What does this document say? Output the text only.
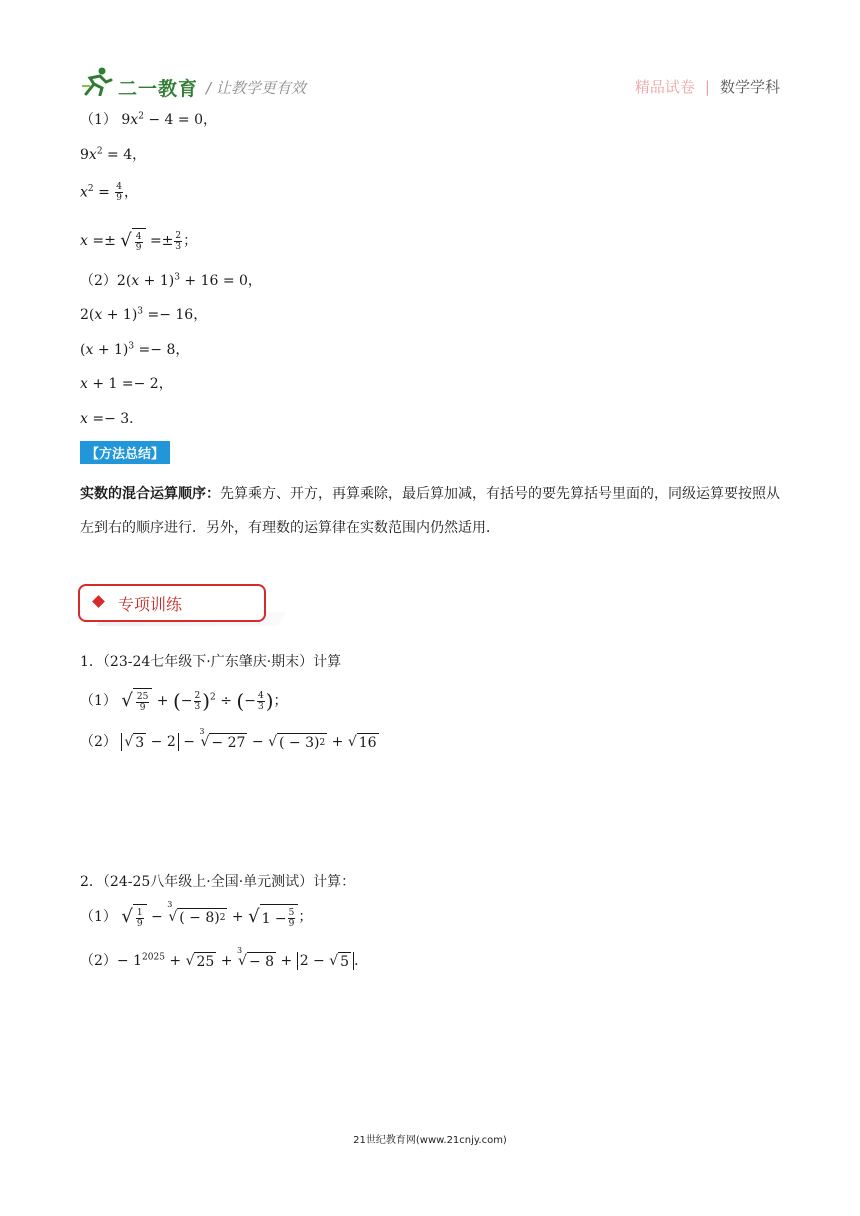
二一教育 / 让教学更有效	精品试卷 | 数学学科
（1） $9x^2 - 4 = 0$，
$9x^2 = 4$，
$x^2 = \frac{4}{9}$ ，
x =± √ $\frac{4}{9} =\pm \frac{2}{3}$ ；
$(2)2(x + 1)^3 + 16 = 0$，
$2(x + 1)^3 =- 16$，
$(x + 1)^3 =- 8$，
x + 1 =− 2，
x =− 3．
【方法总结】
实数的混合运算顺序：先算乘方、开方，再算乘除，最后算加减，有括号的要先算括号里面的，同级运算要按照从左到右的顺序进行．另外，有理数的运算律在实数范围内仍然适用．
专项训练
1．（23-24七年级下·广东肇庆·期末）计算
（1） √ $\frac{25}{9}$ + (− $\frac{2}{3} )^2$ ÷ (− $\frac{4}{3}$ )；
（2） √ 3 − 2 − $^3$
√ − 27 − √ ( − 3) 2 + √ 16
2．（24-25八年级上·全国·单元测试）计算：
（1） √ $\frac{1}{9} - ^3$
√ ( − 8) 2 + √ $1 - \frac{5}{9}$ ；
$(2)- 1^{2025}$ + √ 25 + $^3$
√ − 8 + 2 − √ 5 ．
21世纪教育网(www.21cnjy.com)
